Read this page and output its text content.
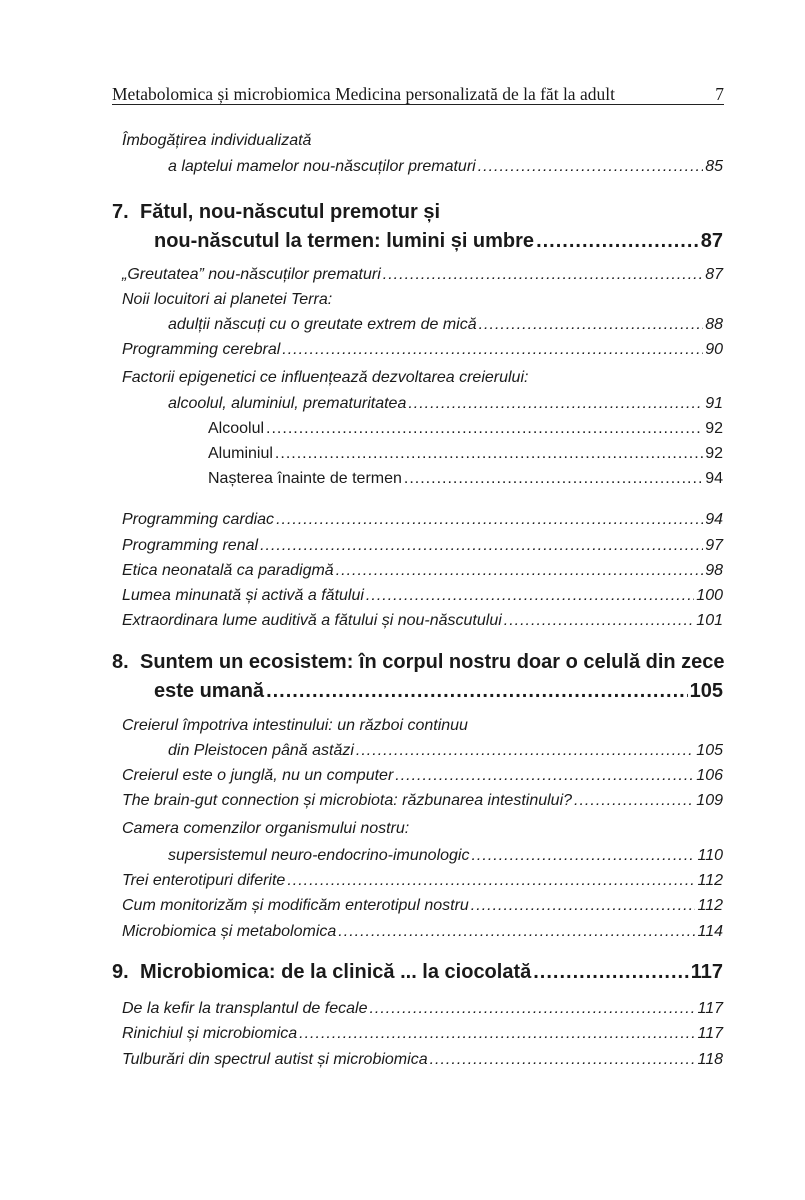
Metabolomica și microbiomica Medicina personalizată de la făt la adult	7
Îmbogățirea individualizată
a laptelui mamelor nou-născuților prematuri .....	85
7. Fătul, nou-născutul premotur și
nou-născutul la termen: lumini și umbre .....	87
„Greutatea” nou-născuților prematuri .....	87
Noii locuitori ai planetei Terra:
adulții născuți cu o greutate extrem de mică .....	88
Programming cerebral .....	90
Factorii epigenetici ce influențează dezvoltarea creierului:
alcoolul, aluminiul, prematuritatea .....	91
Alcoolul .....	92
Aluminiul .....	92
Nașterea înainte de termen .....	94
Programming cardiac .....	94
Programming renal .....	97
Etica neonatală ca paradigmă .....	98
Lumea minunată și activă a fătului .....	100
Extraordinara lume auditivă a fătului și nou-născutului .....	101
8. Suntem un ecosistem: în corpul nostru doar o celulă din zece
este umană .....	105
Creierul împotriva intestinului: un război continuu
din Pleistocen până astăzi .....	105
Creierul este o junglă, nu un computer .....	106
The brain-gut connection și microbiota: răzbunarea intestinului? .....	109
Camera comenzilor organismului nostru:
supersistemul neuro-endocrino-imunologic .....	110
Trei enterotipuri diferite .....	112
Cum monitorizăm și modificăm enterotipul nostru .....	112
Microbiomica și metabolomica .....	114
9. Microbiomica: de la clinică ... la ciocolată .....	117
De la kefir la transplantul de fecale .....	117
Rinichiul și microbiomica .....	117
Tulburări din spectrul autist și microbiomica .....	118
